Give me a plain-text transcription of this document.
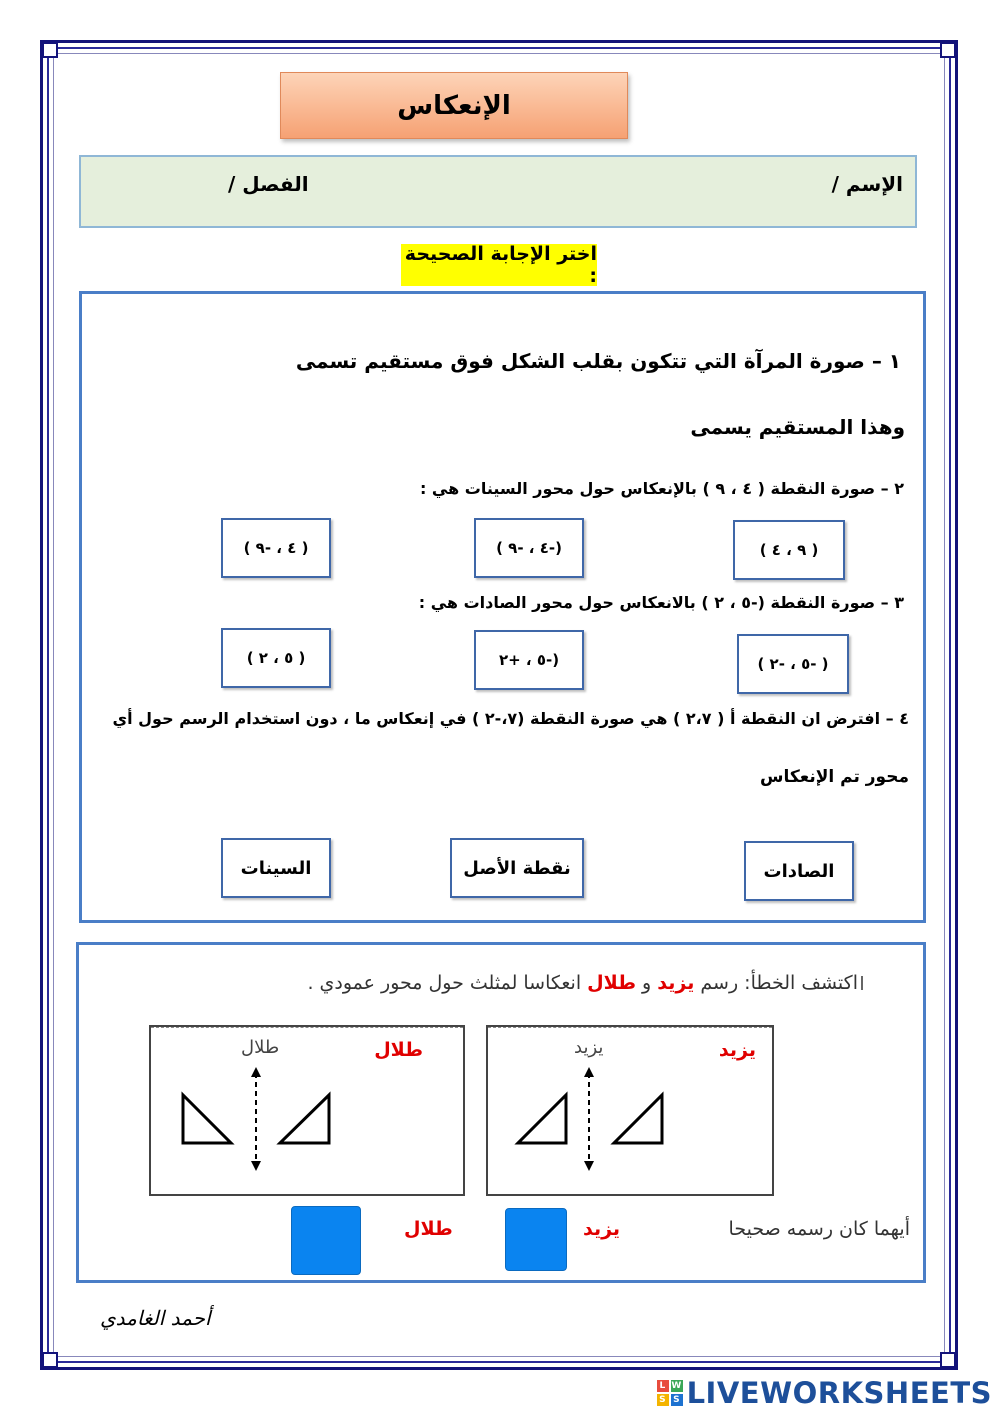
الإنعكاس
الإسم /
الفصل /
اختر الإجابة الصحيحة :
١ – صورة المرآة التي تتكون بقلب الشكل فوق مستقيم تسمى
وهذا المستقيم يسمى
٢ – صورة النقطة ( ٤ ، ٩ ) بالإنعكاس حول محور السينات هي :
( ٩ ، ٤ )
(-٤ ، -٩ )
( ٤ ، -٩ )
٣ – صورة النقطة (-٥ ، ٢ ) بالانعكاس حول محور الصادات هي :
( -٥ ، -٢ )
(-٥ ، +٢
( ٥ ، ٢ )
٤ – افترض ان النقطة أ ( ٢،٧ ) هي صورة النقطة (٧،-٢ ) في إنعكاس ما ، دون استخدام الرسم حول أي
محور تم الإنعكاس
الصادات
نقطة الأصل
السينات
اكتشف الخطأ: رسم يزيد و طلال انعكاسا لمثلث حول محور عمودي .
يزيد
يزيد
طلال
طلال
أيهما كان رسمه صحيحا
يزيد
طلال
أحمد الغامدي
L W
S S LIVEWORKSHEETS
